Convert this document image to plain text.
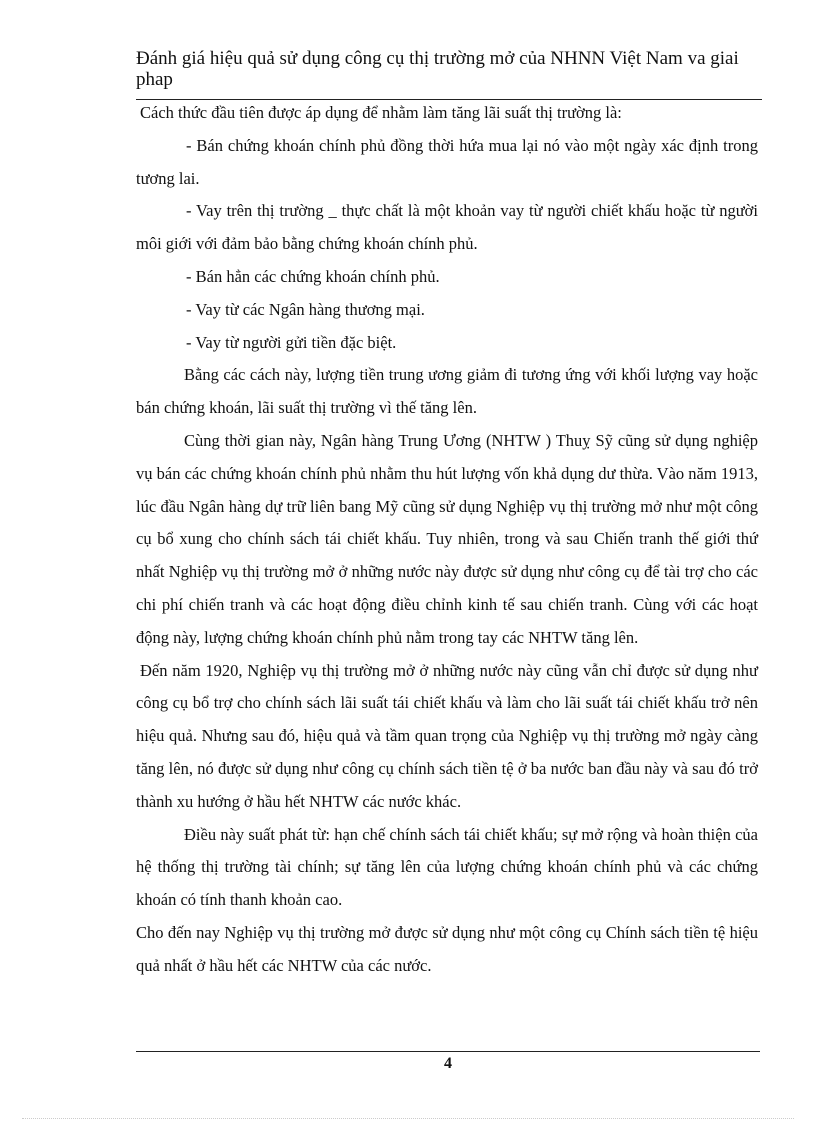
Đánh giá hiệu quả sử dụng công cụ thị trường mở của NHNN Việt Nam va giai phap

Cách thức đầu tiên được áp dụng để nhằm làm tăng lãi suất thị trường là:

- Bán chứng khoán chính phủ đồng thời hứa mua lại nó vào một ngày xác định trong tương lai.

- Vay trên thị trường _ thực chất là một khoản vay từ người chiết khấu hoặc từ người môi giới với đảm bảo bằng chứng khoán chính phủ.

- Bán hẳn các chứng khoán chính phủ.

- Vay từ các Ngân hàng thương mại.

- Vay từ người gửi tiền đặc biệt.

Bằng các cách này, lượng tiền trung ương giảm đi tương ứng với khối lượng vay hoặc bán chứng khoán, lãi suất thị trường vì thế tăng lên.

Cùng thời gian này, Ngân hàng Trung Ương (NHTW ) Thuỵ Sỹ cũng sử dụng nghiệp vụ bán các chứng khoán chính phủ nhằm thu hút lượng vốn khả dụng dư thừa. Vào năm 1913, lúc đầu Ngân hàng dự trữ liên bang Mỹ cũng sử dụng Nghiệp vụ thị trường mở như một công cụ bổ xung cho chính sách tái chiết khấu. Tuy nhiên, trong và sau Chiến tranh thế giới thứ nhất Nghiệp vụ thị trường mở ở những nước này được sử dụng như công cụ để tài trợ cho các chi phí chiến tranh và các hoạt động điều chỉnh kinh tế sau chiến tranh. Cùng với các hoạt động này, lượng chứng khoán chính phủ nằm trong tay các NHTW tăng lên.

Đến năm 1920, Nghiệp vụ thị trường mở ở những nước này cũng vẫn chỉ được sử dụng như công cụ bổ trợ cho chính sách lãi suất tái chiết khấu và làm cho lãi suất tái chiết khấu trở nên hiệu quả. Nhưng sau đó, hiệu quả và tầm quan trọng của Nghiệp vụ thị trường mở ngày càng tăng lên, nó được sử dụng như công cụ chính sách tiền tệ ở ba nước ban đầu này và sau đó trở thành xu hướng ở hầu hết NHTW các nước khác.

Điều này suất phát từ: hạn chế chính sách tái chiết khấu; sự mở rộng và hoàn thiện của hệ thống thị trường tài chính; sự tăng lên của lượng chứng khoán chính phủ và các chứng khoán có tính thanh khoản cao.

Cho đến nay Nghiệp vụ thị trường mở được sử dụng như một công cụ Chính sách tiền tệ hiệu quả nhất ở hầu hết các NHTW của các nước.

4
